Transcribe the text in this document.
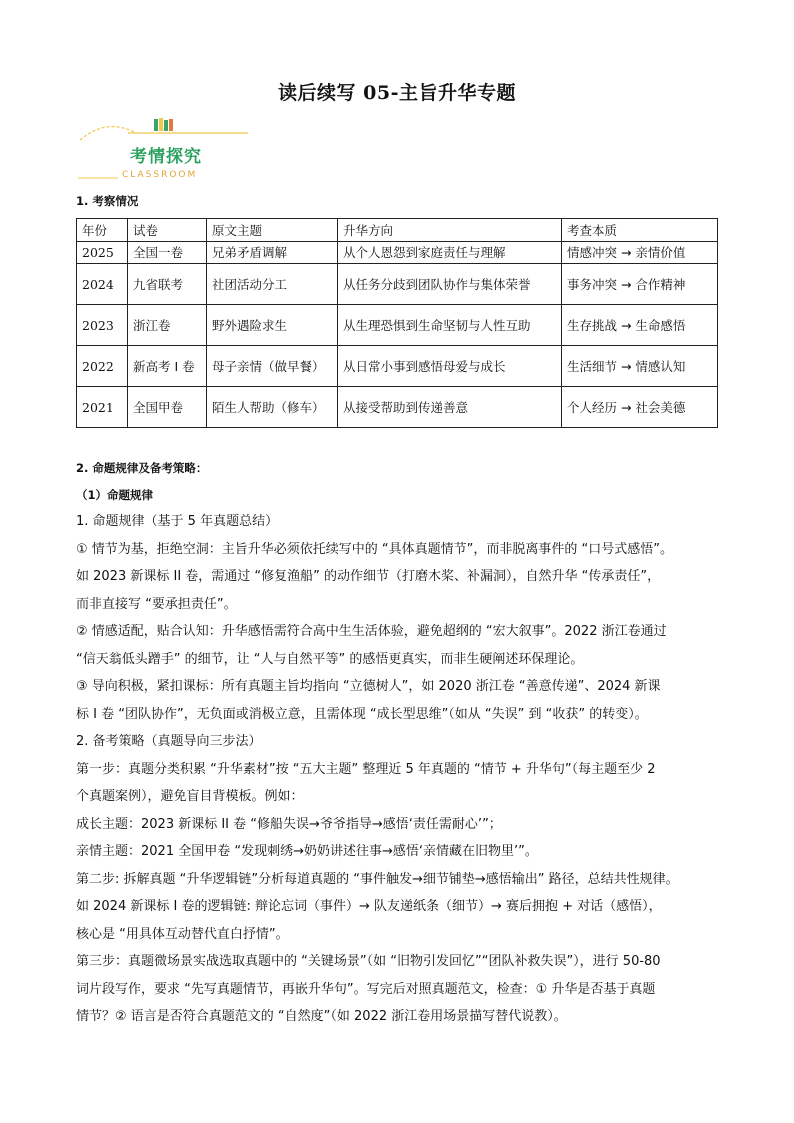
读后续写 05-主旨升华专题
考情探究
CLASSROOM
1. 考察情况
年份	试卷	原文主题	升华方向	考查本质
2025	全国一卷	兄弟矛盾调解	从个人恩怨到家庭责任与理解	情感冲突 → 亲情价值
2024	九省联考	社团活动分工	从任务分歧到团队协作与集体荣誉	事务冲突 → 合作精神
2023	浙江卷	野外遇险求生	从生理恐惧到生命坚韧与人性互助	生存挑战 → 生命感悟
2022	新高考 I 卷	母子亲情（做早餐）	从日常小事到感悟母爱与成长	生活细节 → 情感认知
2021	全国甲卷	陌生人帮助（修车）	从接受帮助到传递善意	个人经历 → 社会美德
2. 命题规律及备考策略：
（1）命题规律

1. 命题规律（基于 5 年真题总结）

① 情节为基，拒绝空洞：主旨升华必须依托续写中的 “具体真题情节”，而非脱离事件的 “口号式感悟”。

如 2023 新课标 II 卷，需通过 “修复渔船” 的动作细节（打磨木桨、补漏洞），自然升华 “传承责任”，

而非直接写 “要承担责任”。

② 情感适配，贴合认知：升华感悟需符合高中生生活体验，避免超纲的 “宏大叙事”。2022 浙江卷通过

“信天翁低头蹭手” 的细节，让 “人与自然平等” 的感悟更真实，而非生硬阐述环保理论。

③ 导向积极，紧扣课标：所有真题主旨均指向 “立德树人”，如 2020 浙江卷 “善意传递”、2024 新课

标 I 卷 “团队协作”，无负面或消极立意，且需体现 “成长型思维”（如从 “失误” 到 “收获” 的转变）。

2. 备考策略（真题导向三步法）

第一步：真题分类积累 “升华素材”按 “五大主题” 整理近 5 年真题的 “情节 + 升华句”（每主题至少 2

个真题案例），避免盲目背模板。例如：

成长主题：2023 新课标 II 卷 “修船失误→爷爷指导→感悟‘责任需耐心’”；

亲情主题：2021 全国甲卷 “发现刺绣→奶奶讲述往事→感悟‘亲情藏在旧物里’”。

第二步: 拆解真题 “升华逻辑链”分析每道真题的 “事件触发→细节铺垫→感悟输出” 路径，总结共性规律。

如 2024 新课标 I 卷的逻辑链: 辩论忘词（事件）→ 队友递纸条（细节）→ 赛后拥抱 + 对话（感悟），

核心是 “用具体互动替代直白抒情”。

第三步：真题微场景实战选取真题中的 “关键场景”（如 “旧物引发回忆”“团队补救失误”），进行 50-80

词片段写作，要求 “先写真题情节，再嵌升华句”。写完后对照真题范文，检查：① 升华是否基于真题

情节？② 语言是否符合真题范文的 “自然度”（如 2022 浙江卷用场景描写替代说教）。
